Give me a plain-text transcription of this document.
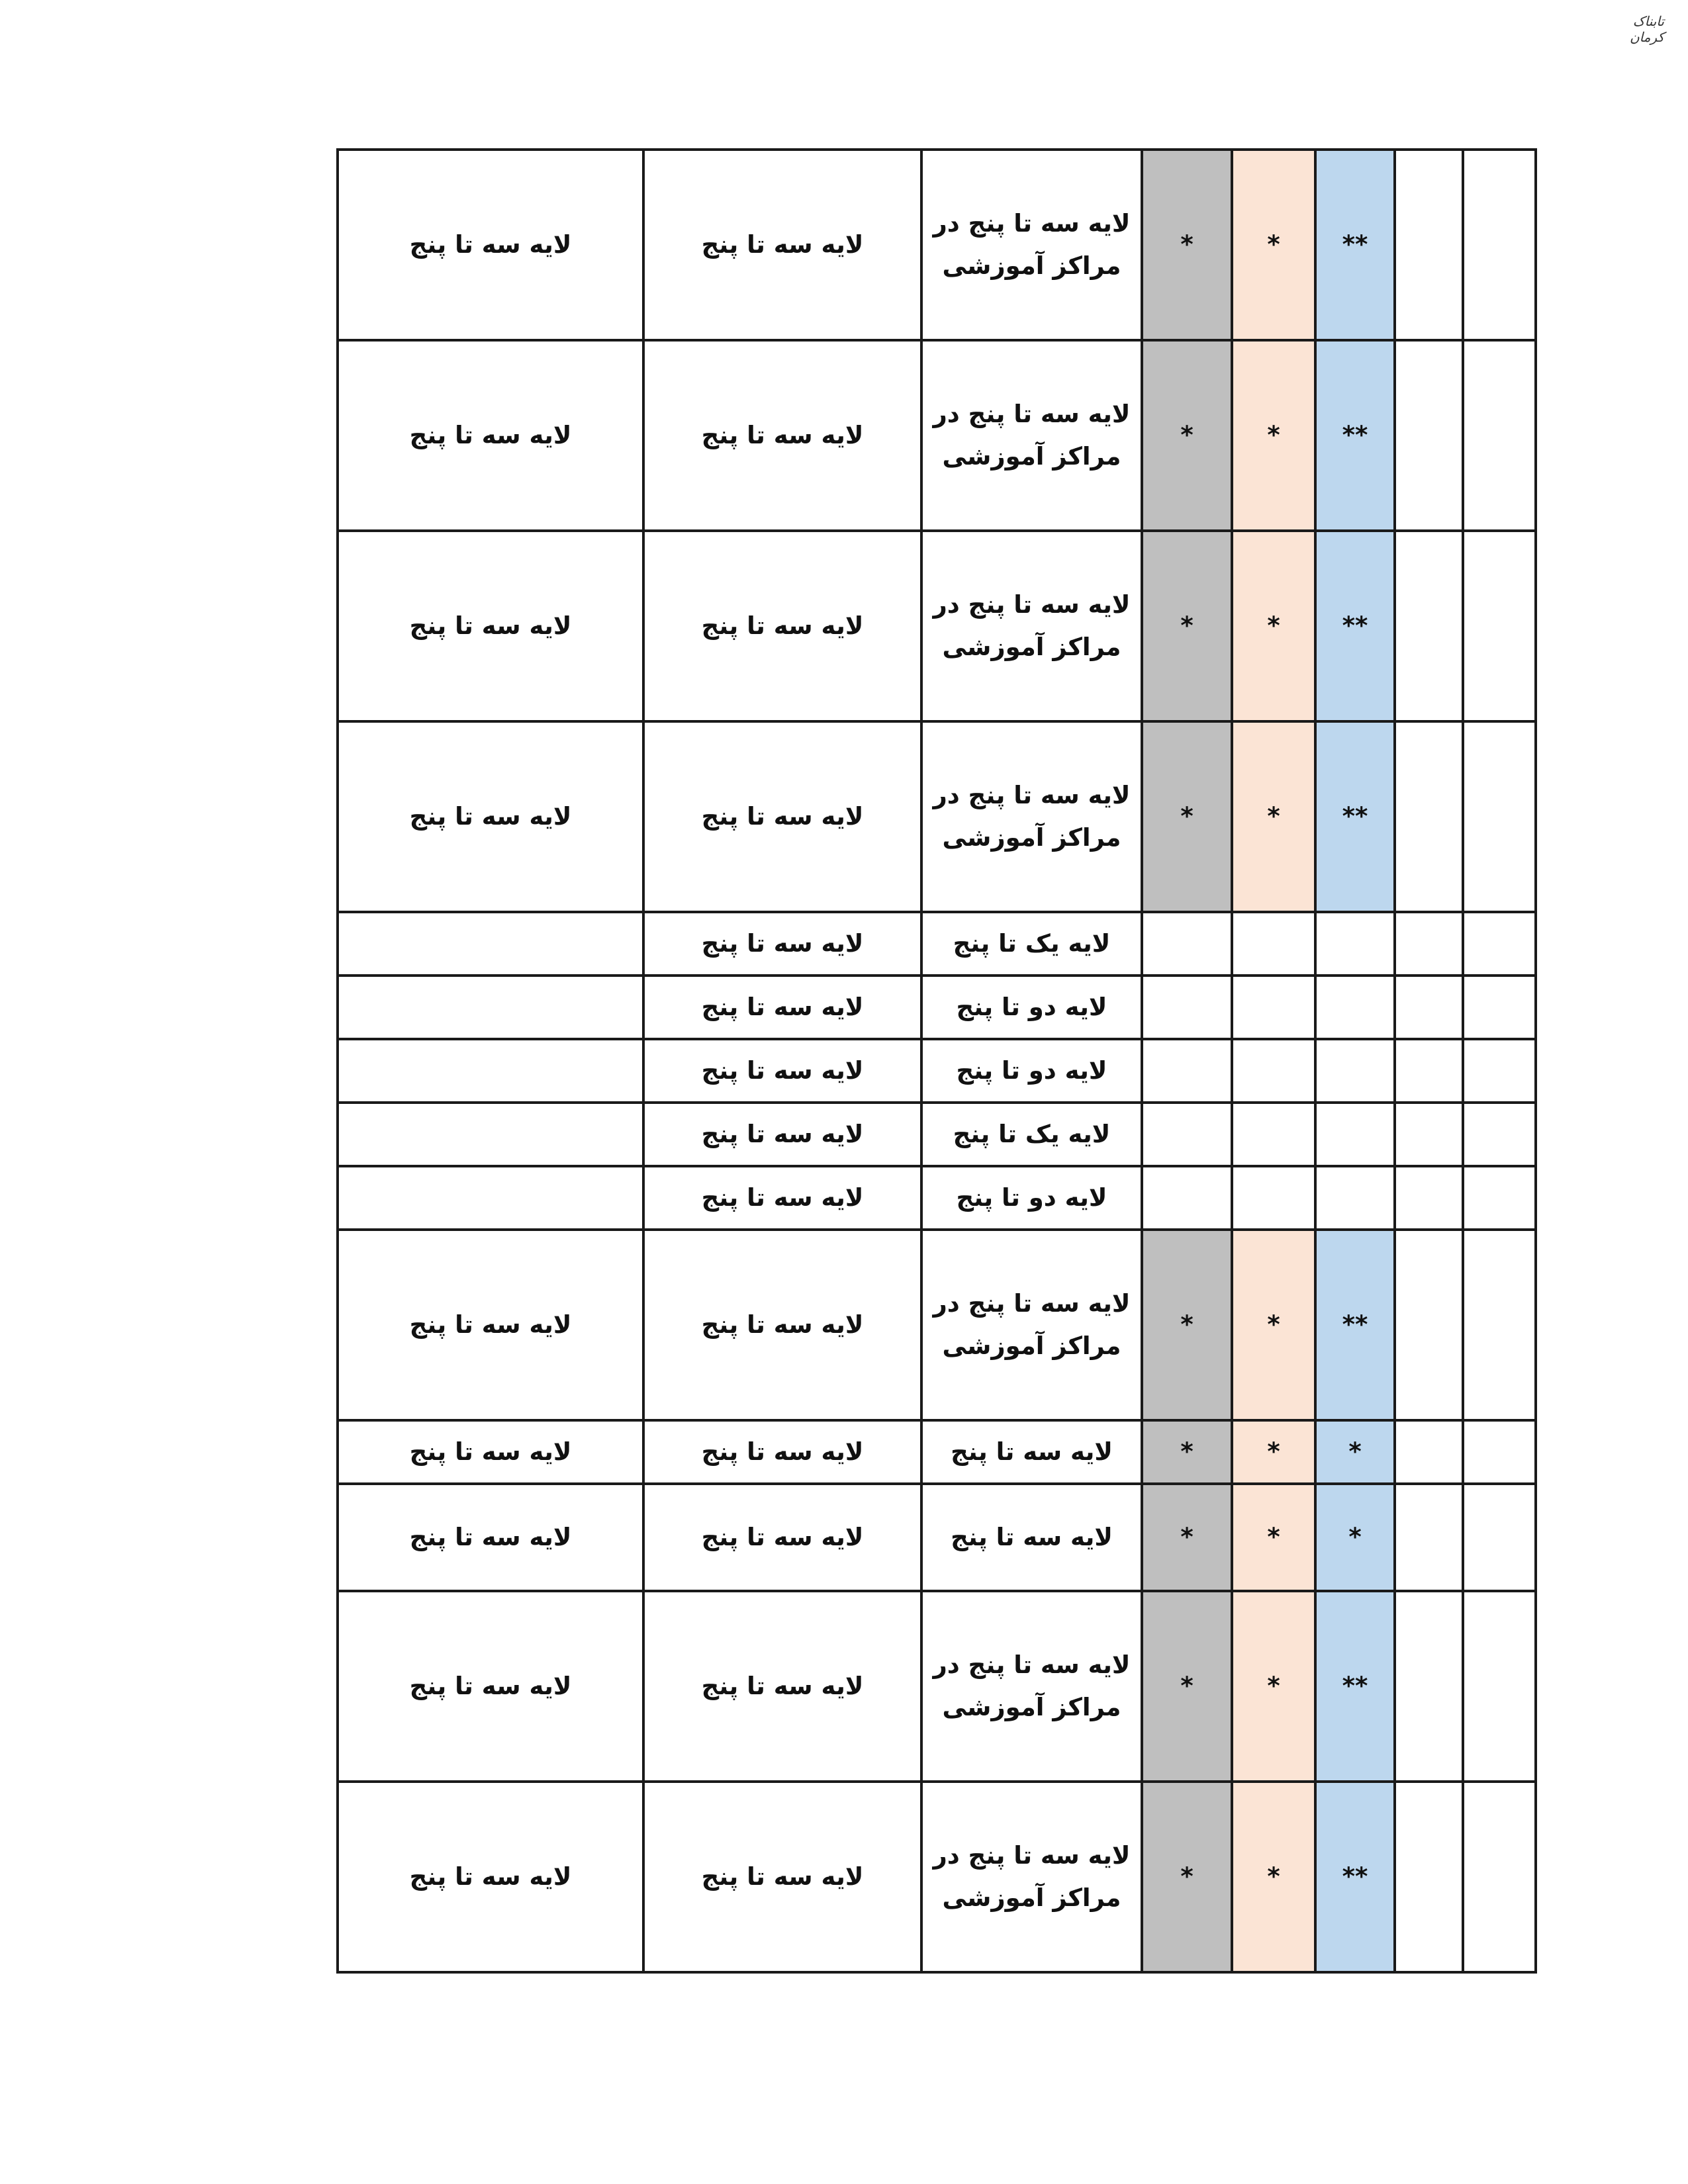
تابناک کرمان
لایه سه تا پنج	لایه سه تا پنج	لایه سه تا پنج در مراکز آموزشی	*	*	**		
لایه سه تا پنج	لایه سه تا پنج	لایه سه تا پنج در مراکز آموزشی	*	*	**		
لایه سه تا پنج	لایه سه تا پنج	لایه سه تا پنج در مراکز آموزشی	*	*	**		
لایه سه تا پنج	لایه سه تا پنج	لایه سه تا پنج در مراکز آموزشی	*	*	**		
	لایه سه تا پنج	لایه یک تا پنج					
	لایه سه تا پنج	لایه دو تا پنج					
	لایه سه تا پنج	لایه دو تا پنج					
	لایه سه تا پنج	لایه یک تا پنج					
	لایه سه تا پنج	لایه دو تا پنج					
لایه سه تا پنج	لایه سه تا پنج	لایه سه تا پنج در مراکز آموزشی	*	*	**		
لایه سه تا پنج	لایه سه تا پنج	لایه سه تا پنج	*	*	*		
لایه سه تا پنج	لایه سه تا پنج	لایه سه تا پنج	*	*	*		
لایه سه تا پنج	لایه سه تا پنج	لایه سه تا پنج در مراکز آموزشی	*	*	**		
لایه سه تا پنج	لایه سه تا پنج	لایه سه تا پنج در مراکز آموزشی	*	*	**		
